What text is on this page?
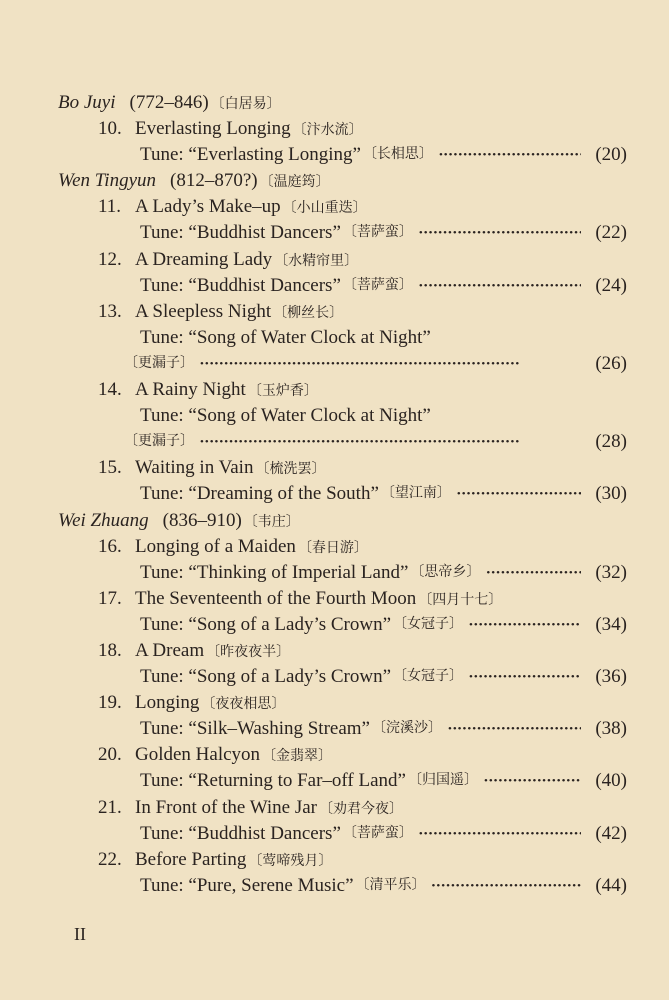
Bo Juyi (772–846) 〔白居易〕
10. Everlasting Longing 〔汴水流〕
Tune: “Everlasting Longing” 〔长相思〕 •••••	(20)
Wen Tingyun (812–870?) 〔温庭筠〕
11. A Lady’s Make–up 〔小山重迭〕
Tune: “Buddhist Dancers” 〔菩萨蛮〕 •••••	(22)
12. A Dreaming Lady 〔水精帘里〕
Tune: “Buddhist Dancers” 〔菩萨蛮〕 •••••	(24)
13. A Sleepless Night 〔柳丝长〕
Tune: “Song of Water Clock at Night”
〔更漏子〕 •••••	(26)
14. A Rainy Night 〔玉炉香〕
Tune: “Song of Water Clock at Night”
〔更漏子〕 •••••	(28)
15. Waiting in Vain 〔梳洗罢〕
Tune: “Dreaming of the South” 〔望江南〕 •••••	(30)
Wei Zhuang (836–910) 〔韦庄〕
16. Longing of a Maiden 〔春日游〕
Tune: “Thinking of Imperial Land” 〔思帝乡〕 •••••	(32)
17. The Seventeenth of the Fourth Moon 〔四月十七〕
Tune: “Song of a Lady’s Crown” 〔女冠子〕 •••••	(34)
18. A Dream 〔昨夜夜半〕
Tune: “Song of a Lady’s Crown” 〔女冠子〕 •••••	(36)
19. Longing 〔夜夜相思〕
Tune: “Silk–Washing Stream” 〔浣溪沙〕 •••••	(38)
20. Golden Halcyon 〔金翡翠〕
Tune: “Returning to Far–off Land” 〔归国遥〕 •••••	(40)
21. In Front of the Wine Jar 〔劝君今夜〕
Tune: “Buddhist Dancers” 〔菩萨蛮〕 •••••	(42)
22. Before Parting 〔莺啼残月〕
Tune: “Pure, Serene Music” 〔清平乐〕 •••••	(44)
II
